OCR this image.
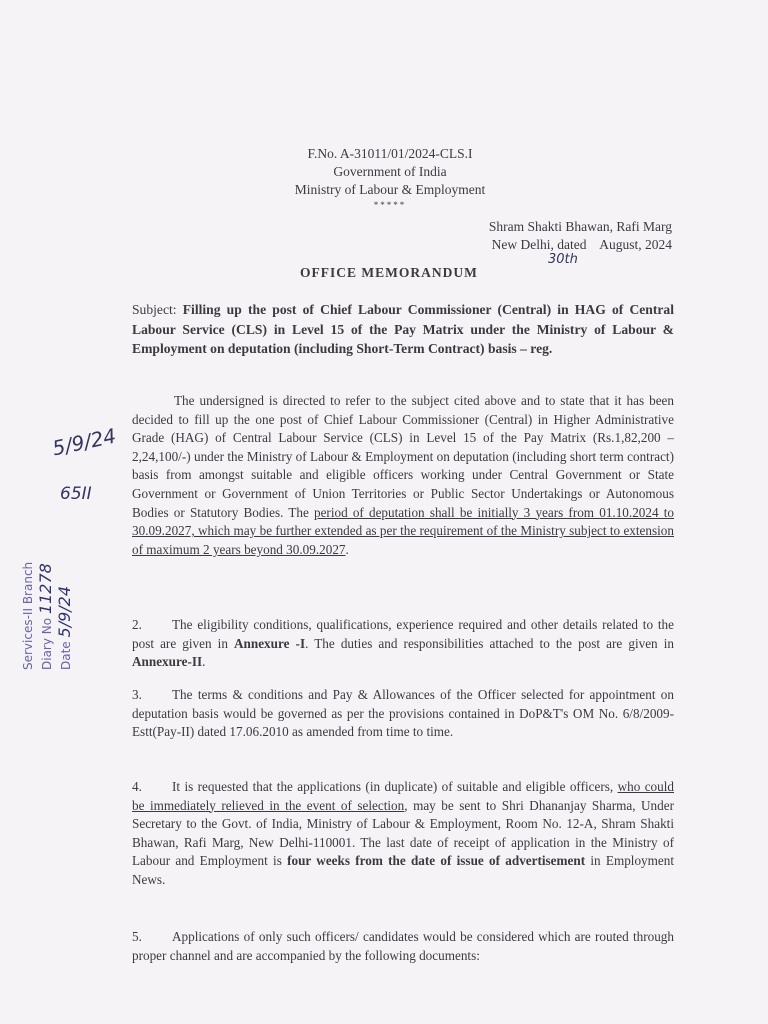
F.No. A-31011/01/2024-CLS.I
Government of India
Ministry of Labour & Employment
*****
Shram Shakti Bhawan, Rafi Marg
New Delhi, dated    August, 2024
30th
OFFICE MEMORANDUM
Subject: Filling up the post of Chief Labour Commissioner (Central) in HAG of Central Labour Service (CLS) in Level 15 of the Pay Matrix under the Ministry of Labour & Employment on deputation (including Short-Term Contract) basis – reg.
The undersigned is directed to refer to the subject cited above and to state that it has been decided to fill up the one post of Chief Labour Commissioner (Central) in Higher Administrative Grade (HAG) of Central Labour Service (CLS) in Level 15 of the Pay Matrix (Rs.1,82,200 – 2,24,100/-) under the Ministry of Labour & Employment on deputation (including short term contract) basis from amongst suitable and eligible officers working under Central Government or State Government or Government of Union Territories or Public Sector Undertakings or Autonomous Bodies or Statutory Bodies. The period of deputation shall be initially 3 years from 01.10.2024 to 30.09.2027, which may be further extended as per the requirement of the Ministry subject to extension of maximum 2 years beyond 30.09.2027.
2. The eligibility conditions, qualifications, experience required and other details related to the post are given in Annexure -I. The duties and responsibilities attached to the post are given in Annexure-II.
3. The terms & conditions and Pay & Allowances of the Officer selected for appointment on deputation basis would be governed as per the provisions contained in DoP&T's OM No. 6/8/2009-Estt(Pay-II) dated 17.06.2010 as amended from time to time.
4. It is requested that the applications (in duplicate) of suitable and eligible officers, who could be immediately relieved in the event of selection, may be sent to Shri Dhananjay Sharma, Under Secretary to the Govt. of India, Ministry of Labour & Employment, Room No. 12-A, Shram Shakti Bhawan, Rafi Marg, New Delhi-110001. The last date of receipt of application in the Ministry of Labour and Employment is four weeks from the date of issue of advertisement in Employment News.
5. Applications of only such officers/ candidates would be considered which are routed through proper channel and are accompanied by the following documents:
5/9/24
65II
Services-II Branch Diary No 11278
Date 5/9/24
